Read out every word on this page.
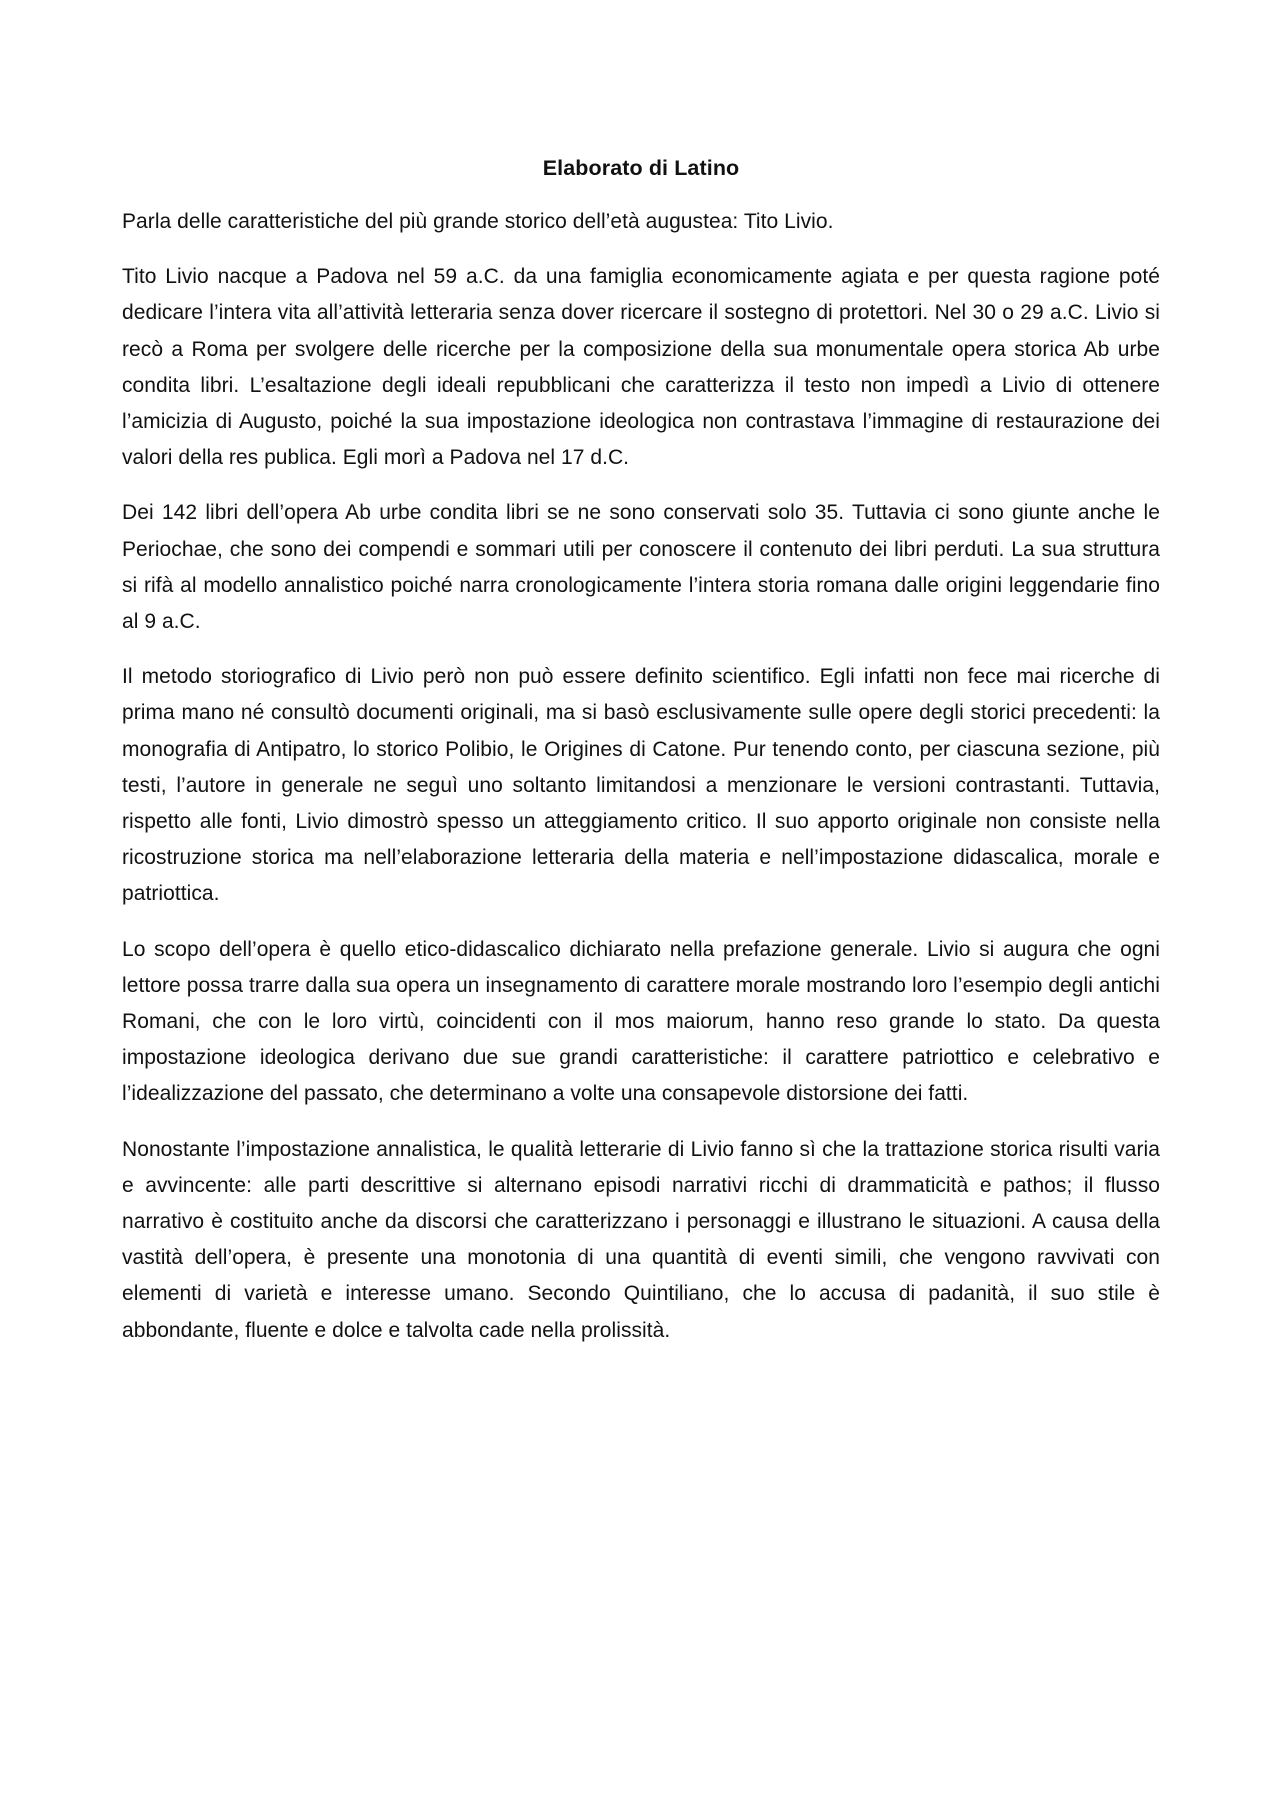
Elaborato di Latino

Parla delle caratteristiche del più grande storico dell’età augustea: Tito Livio.

Tito Livio nacque a Padova nel 59 a.C. da una famiglia economicamente agiata e per questa ragione poté dedicare l’intera vita all’attività letteraria senza dover ricercare il sostegno di protettori. Nel 30 o 29 a.C. Livio si recò a Roma per svolgere delle ricerche per la composizione della sua monumentale opera storica Ab urbe condita libri. L’esaltazione degli ideali repubblicani che caratterizza il testo non impedì a Livio di ottenere l’amicizia di Augusto, poiché la sua impostazione ideologica non contrastava l’immagine di restaurazione dei valori della res publica. Egli morì a Padova nel 17 d.C.

Dei 142 libri dell’opera Ab urbe condita libri se ne sono conservati solo 35. Tuttavia ci sono giunte anche le Periochae, che sono dei compendi e sommari utili per conoscere il contenuto dei libri perduti. La sua struttura si rifà al modello annalistico poiché narra cronologicamente l’intera storia romana dalle origini leggendarie fino al 9 a.C.

Il metodo storiografico di Livio però non può essere definito scientifico. Egli infatti non fece mai ricerche di prima mano né consultò documenti originali, ma si basò esclusivamente sulle opere degli storici precedenti: la monografia di Antipatro, lo storico Polibio, le Origines di Catone. Pur tenendo conto, per ciascuna sezione, più testi, l’autore in generale ne seguì uno soltanto limitandosi a menzionare le versioni contrastanti. Tuttavia, rispetto alle fonti, Livio dimostrò spesso un atteggiamento critico. Il suo apporto originale non consiste nella ricostruzione storica ma nell’elaborazione letteraria della materia e nell’impostazione didascalica, morale e patriottica.

Lo scopo dell’opera è quello etico-didascalico dichiarato nella prefazione generale. Livio si augura che ogni lettore possa trarre dalla sua opera un insegnamento di carattere morale mostrando loro l’esempio degli antichi Romani, che con le loro virtù, coincidenti con il mos maiorum, hanno reso grande lo stato. Da questa impostazione ideologica derivano due sue grandi caratteristiche: il carattere patriottico e celebrativo e l’idealizzazione del passato, che determinano a volte una consapevole distorsione dei fatti.

Nonostante l’impostazione annalistica, le qualità letterarie di Livio fanno sì che la trattazione storica risulti varia e avvincente: alle parti descrittive si alternano episodi narrativi ricchi di drammaticità e pathos; il flusso narrativo è costituito anche da discorsi che caratterizzano i personaggi e illustrano le situazioni. A causa della vastità dell’opera, è presente una monotonia di una quantità di eventi simili, che vengono ravvivati con elementi di varietà e interesse umano. Secondo Quintiliano, che lo accusa di padanità, il suo stile è abbondante, fluente e dolce e talvolta cade nella prolissità.
